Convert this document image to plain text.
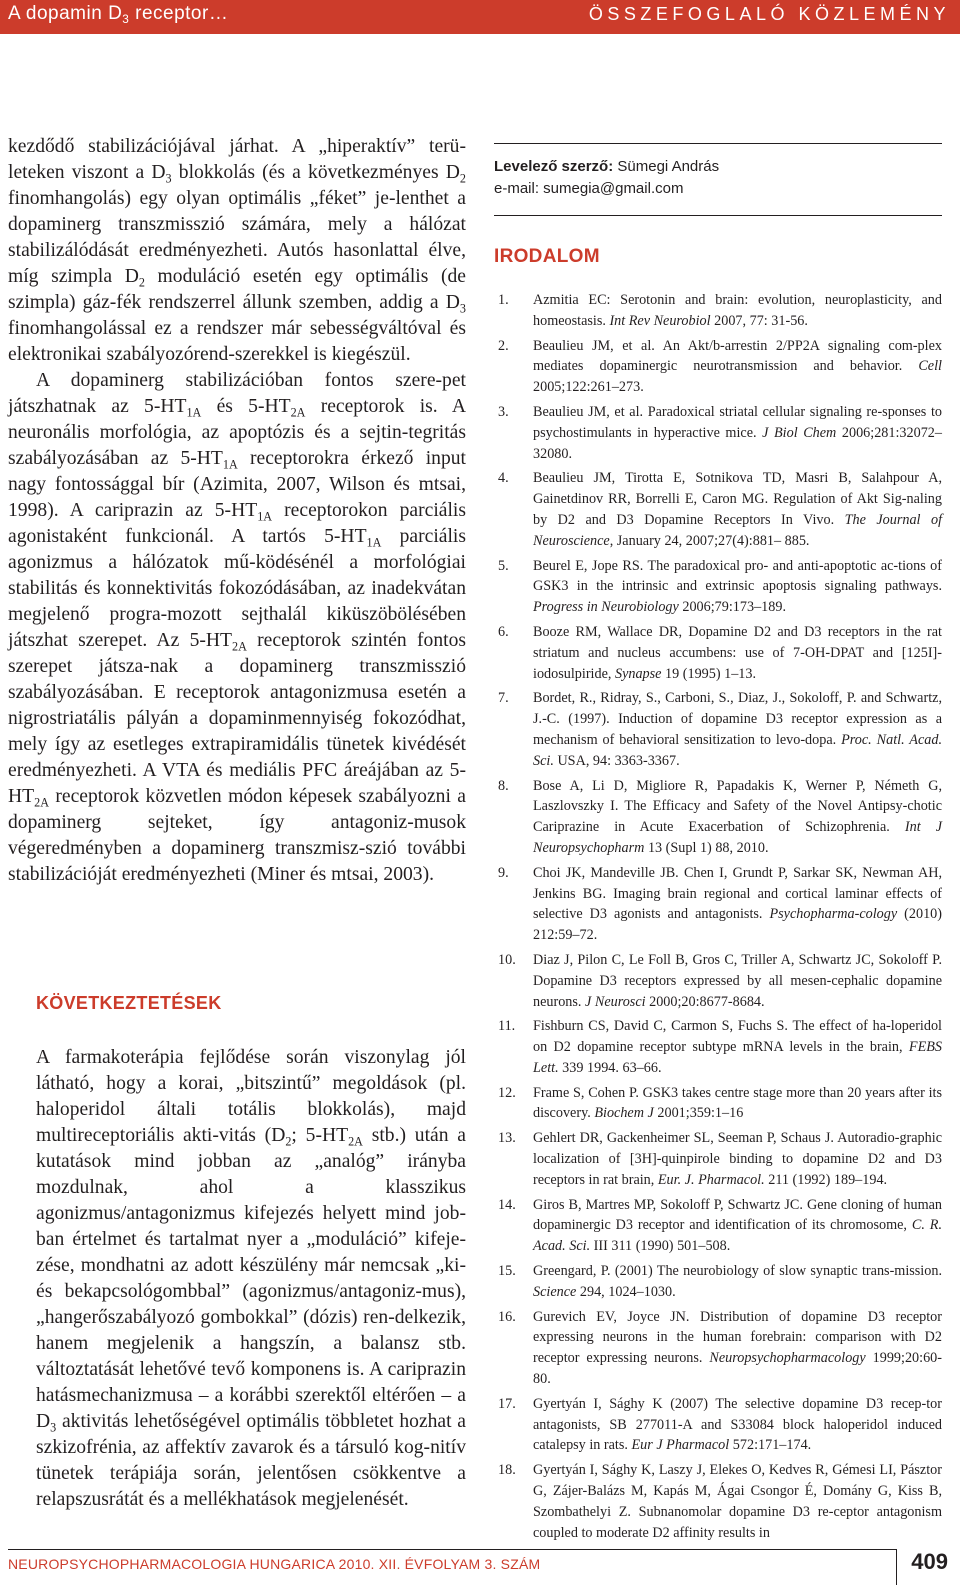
A dopamin $D_3$ receptor…	ÖSSZEFOGLALÓ KÖZLEMÉNY

kezdődő stabilizációjával járhat. A „hiperaktív” terü- leteken viszont a $D_3$ blokkolás (és a következményes $D_2$ finomhangolás) egy olyan optimális „féket” je-lenthet a dopaminerg transzmisszió számára, mely a hálózat stabilizálódását eredményezheti. Autós hasonlattal élve, míg szimpla $D_2$ moduláció esetén egy optimális (de szimpla) gáz-fék rendszerrel állunk szemben, addig a $D_3$ finomhangolással ez a rendszer már sebességváltóval és elektronikai szabályozórend-szerekkel is kiegészül.

A dopaminerg stabilizációban fontos szere-pet játszhatnak az $5-HT_{1A}$ és $5-HT_{2A}$ receptorok is. A neuronális morfológia, az apoptózis és a sejtin-tegritás szabályozásában az $5-HT_{1A}$ receptorokra érkező input nagy fontossággal bír (Azimita, 2007, Wilson és mtsai, 1998). A cariprazin az $5-HT_{1A}$ receptorokon parciális agonistaként funkcionál. A tartós $5-HT_{1A}$ parciális agonizmus a hálózatok mű-ködésénél a morfológiai stabilitás és konnektivitás fokozódásában, az inadekvátan megjelenő progra-mozott sejthalál kiküszöbölésében játszhat szerepet. Az $5-HT_{2A}$ receptorok szintén fontos szerepet játsza-nak a dopaminerg transzmisszió szabályozásában. E receptorok antagonizmusa esetén a nigrostriatális pályán a dopaminmennyiség fokozódhat, mely így az esetleges extrapiramidális tünetek kivédését eredményezheti. A VTA és mediális PFC áreájában az $5-HT_{2A}$ receptorok közvetlen módon képesek szabályozni a dopaminerg sejteket, így antagoniz-musok végeredményben a dopaminerg transzmisz-szió további stabilizációját eredményezheti (Miner és mtsai, 2003).

KÖVETKEZTETÉSEK

A farmakoterápia fejlődése során viszonylag jól látható, hogy a korai, „bitszintű” megoldások (pl. haloperidol általi totális blokkolás), majd multireceptoriális akti-vitás ($D_2$; $5-HT_{2A}$ stb.) után a kutatások mind jobban az „analóg” irányba mozdulnak, ahol a klasszikus agonizmus/antagonizmus kifejezés helyett mind job-ban értelmet és tartalmat nyer a „moduláció” kifeje-zése, mondhatni az adott készülény már nemcsak „ki- és bekapcsológombbal” (agonizmus/antagoniz-mus), „hangerőszabályozó gombokkal” (dózis) ren-delkezik, hanem megjelenik a hangszín, a balansz stb. változtatását lehetővé tevő komponens is. A cariprazin hatásmechanizmusa – a korábbi szerektől eltérően – a $D_3$ aktivitás lehetőségével optimális többletet hozhat a szkizofrénia, az affektív zavarok és a társuló kog-nitív tünetek terápiája során, jelentősen csökkentve a relapszusrátát és a mellékhatások megjelenését.

Levelező szerző: Sümegi András
e-mail: sumegia@gmail.com
IRODALOM
1. Azmitia EC: Serotonin and brain: evolution, neuroplasticity, and homeostasis. Int Rev Neurobiol 2007, 77: 31-56.
2. Beaulieu JM, et al. An Akt/b-arrestin 2/PP2A signaling com-plex mediates dopaminergic neurotransmission and behavior. Cell 2005;122:261–273.
3. Beaulieu JM, et al. Paradoxical striatal cellular signaling re-sponses to psychostimulants in hyperactive mice. J Biol Chem 2006;281:32072–32080.
4. Beaulieu JM, Tirotta E, Sotnikova TD, Masri B, Salahpour A, Gainetdinov RR, Borrelli E, Caron MG. Regulation of Akt Sig-naling by D2 and D3 Dopamine Receptors In Vivo. The Journal of Neuroscience, January 24, 2007;27(4):881– 885.
5. Beurel E, Jope RS. The paradoxical pro- and anti-apoptotic ac-tions of GSK3 in the intrinsic and extrinsic apoptosis signaling pathways. Progress in Neurobiology 2006;79:173–189.
6. Booze RM, Wallace DR, Dopamine D2 and D3 receptors in the rat striatum and nucleus accumbens: use of 7-OH-DPAT and [125I]-iodosulpiride, Synapse 19 (1995) 1–13.
7. Bordet, R., Ridray, S., Carboni, S., Diaz, J., Sokoloff, P. and Schwartz, J.-C. (1997). Induction of dopamine D3 receptor expression as a mechanism of behavioral sensitization to levo-dopa. Proc. Natl. Acad. Sci. USA, 94: 3363-3367.
8. Bose A, Li D, Migliore R, Papadakis K, Werner P, Németh G, Laszlovszky I. The Efficacy and Safety of the Novel Antipsy-chotic Cariprazine in Acute Exacerbation of Schizophrenia. Int J Neuropsychopharm 13 (Supl 1) 88, 2010.
9. Choi JK, Mandeville JB. Chen I, Grundt P, Sarkar SK, Newman AH, Jenkins BG. Imaging brain regional and cortical laminar effects of selective D3 agonists and antagonists. Psychopharma-cology (2010) 212:59–72.
10. Diaz J, Pilon C, Le Foll B, Gros C, Triller A, Schwartz JC, Sokoloff P. Dopamine D3 receptors expressed by all mesen-cephalic dopamine neurons. J Neurosci 2000;20:8677-8684.
11. Fishburn CS, David C, Carmon S, Fuchs S. The effect of ha-loperidol on D2 dopamine receptor subtype mRNA levels in the brain, FEBS Lett. 339 1994. 63–66.
12. Frame S, Cohen P. GSK3 takes centre stage more than 20 years after its discovery. Biochem J 2001;359:1–16
13. Gehlert DR, Gackenheimer SL, Seeman P, Schaus J. Autoradio-graphic localization of [3H]-quinpirole binding to dopamine D2 and D3 receptors in rat brain, Eur. J. Pharmacol. 211 (1992) 189–194.
14. Giros B, Martres MP, Sokoloff P, Schwartz JC. Gene cloning of human dopaminergic D3 receptor and identification of its chromosome, C. R. Acad. Sci. III 311 (1990) 501–508.
15. Greengard, P. (2001) The neurobiology of slow synaptic trans-mission. Science 294, 1024–1030.
16. Gurevich EV, Joyce JN. Distribution of dopamine D3 receptor expressing neurons in the human forebrain: comparison with D2 receptor expressing neurons. Neuropsychopharmacology 1999;20:60-80.
17. Gyertyán I, Sághy K (2007) The selective dopamine D3 recep-tor antagonists, SB 277011-A and S33084 block haloperidol induced catalepsy in rats. Eur J Pharmacol 572:171–174.
18. Gyertyán I, Sághy K, Laszy J, Elekes O, Kedves R, Gémesi LI, Pásztor G, Zájer-Balázs M, Kapás M, Ágai Csongor É, Domány G, Kiss B, Szombathelyi Z. Subnanomolar dopamine D3 re-ceptor antagonism coupled to moderate D2 affinity results in
NEUROPSYCHOPHARMACOLOGIA HUNGARICA 2010. XII. ÉVFOLYAM 3. SZÁM	409
